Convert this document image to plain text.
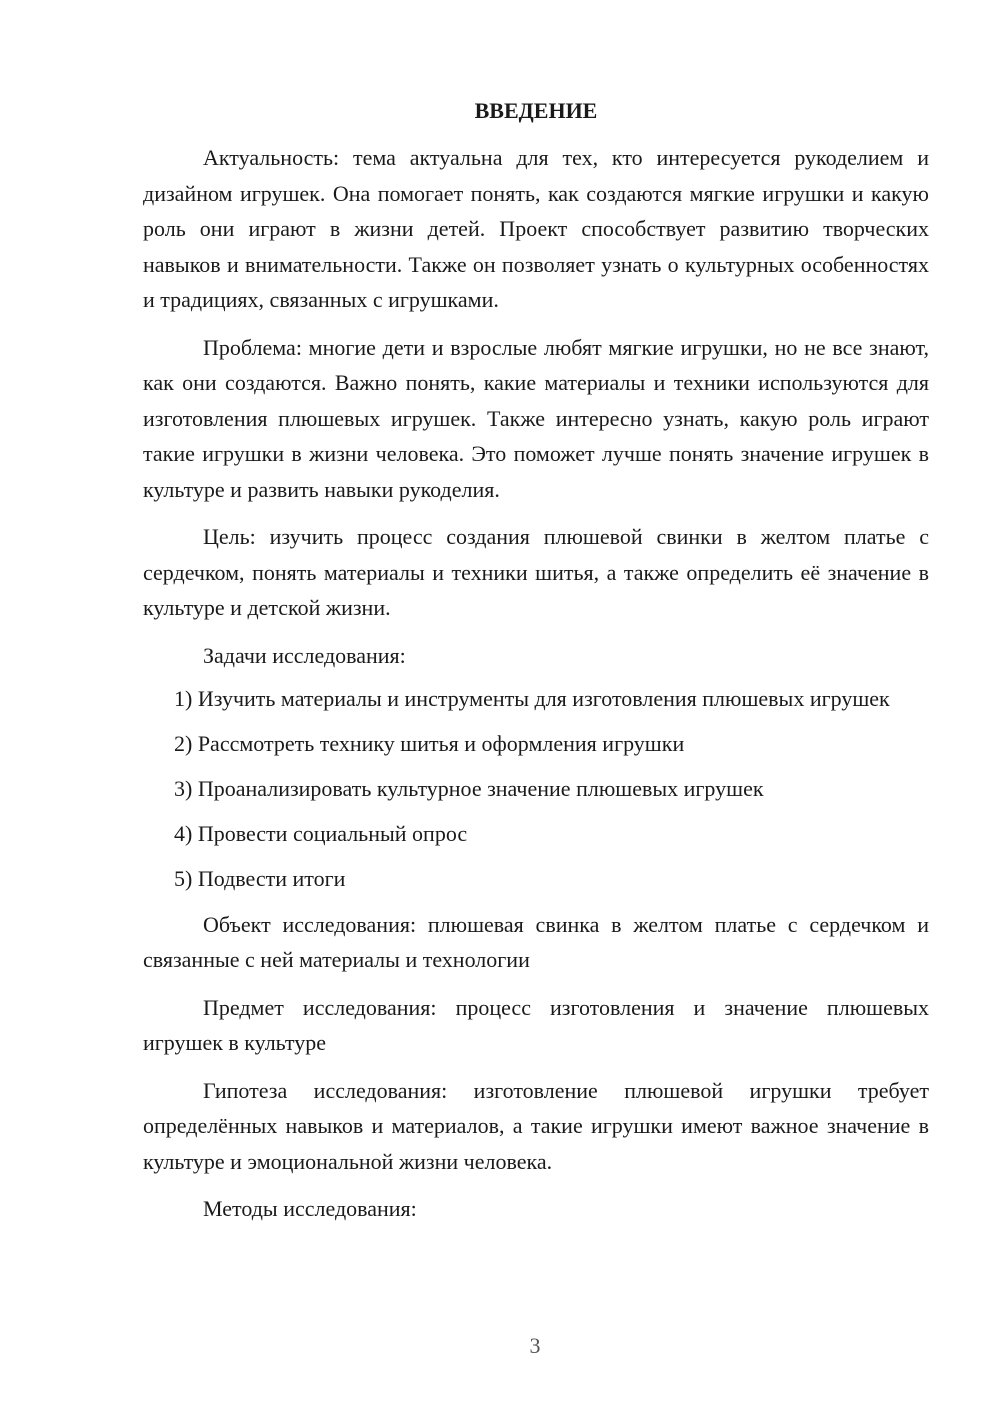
ВВЕДЕНИЕ

Актуальность: тема актуальна для тех, кто интересуется рукоделием и дизайном игрушек. Она помогает понять, как создаются мягкие игрушки и какую роль они играют в жизни детей. Проект способствует развитию творческих навыков и внимательности. Также он позволяет узнать о культурных особенностях и традициях, связанных с игрушками.

Проблема: многие дети и взрослые любят мягкие игрушки, но не все знают, как они создаются. Важно понять, какие материалы и техники используются для изготовления плюшевых игрушек. Также интересно узнать, какую роль играют такие игрушки в жизни человека. Это поможет лучше понять значение игрушек в культуре и развить навыки рукоделия.

Цель: изучить процесс создания плюшевой свинки в желтом платье с сердечком, понять материалы и техники шитья, а также определить её значение в культуре и детской жизни.

Задачи исследования:

1) Изучить материалы и инструменты для изготовления плюшевых игрушек

2) Рассмотреть технику шитья и оформления игрушки

3) Проанализировать культурное значение плюшевых игрушек

4) Провести социальный опрос

5) Подвести итоги

Объект исследования: плюшевая свинка в желтом платье с сердечком и связанные с ней материалы и технологии

Предмет исследования: процесс изготовления и значение плюшевых игрушек в культуре

Гипотеза исследования: изготовление плюшевой игрушки требует определённых навыков и материалов, а такие игрушки имеют важное значение в культуре и эмоциональной жизни человека.

Методы исследования:

3
